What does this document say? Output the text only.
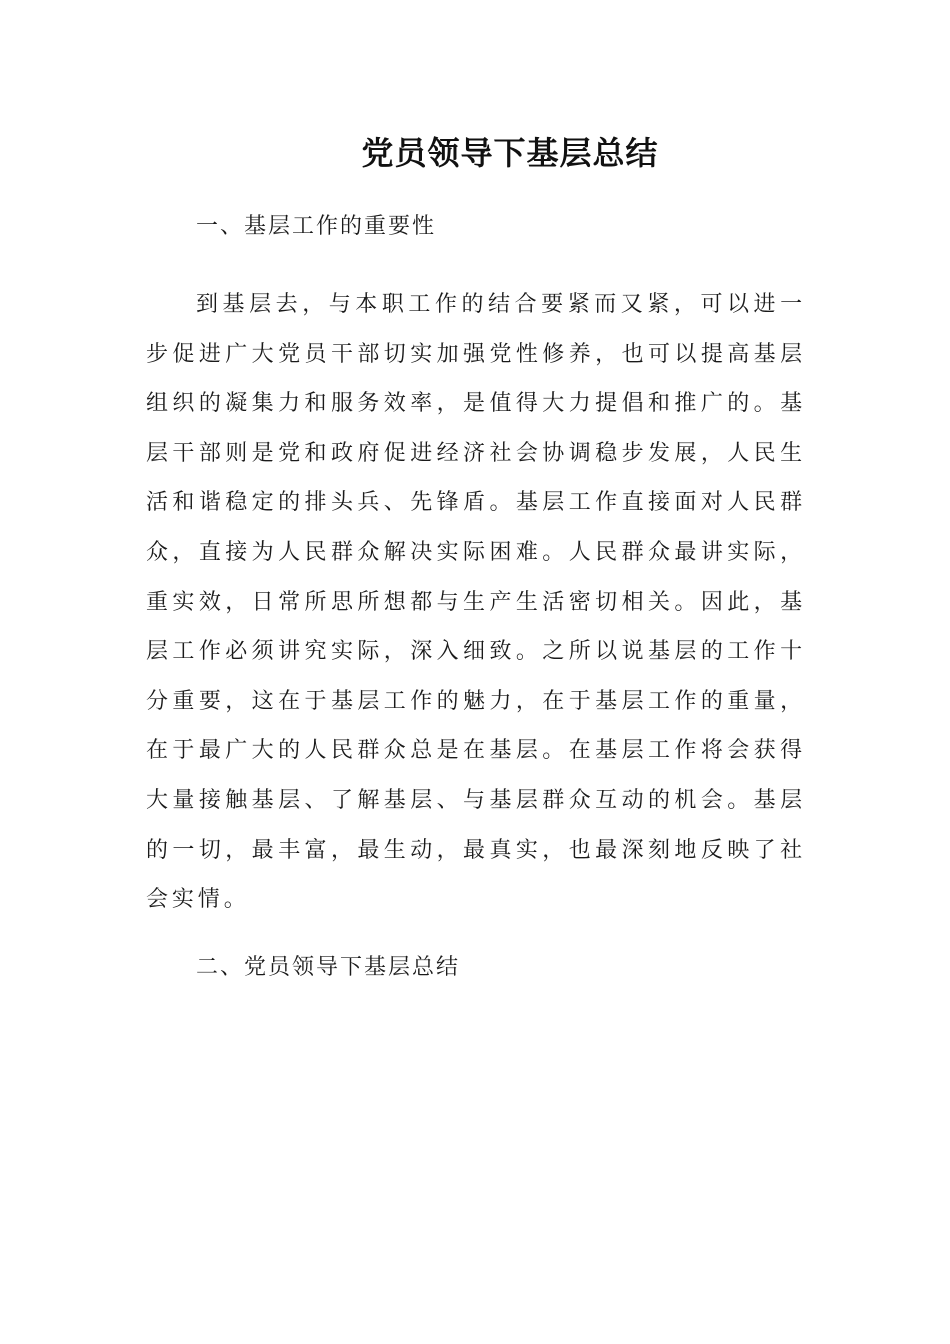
党员领导下基层总结
一、基层工作的重要性

到基层去，与本职工作的结合要紧而又紧，可以进一步促进广大党员干部切实加强党性修养，也可以提高基层组织的凝集力和服务效率，是值得大力提倡和推广的。基层干部则是党和政府促进经济社会协调稳步发展，人民生活和谐稳定的排头兵、先锋盾。基层工作直接面对人民群众，直接为人民群众解决实际困难。人民群众最讲实际，重实效，日常所思所想都与生产生活密切相关。因此，基层工作必须讲究实际，深入细致。之所以说基层的工作十分重要，这在于基层工作的魅力，在于基层工作的重量，在于最广大的人民群众总是在基层。在基层工作将会获得大量接触基层、了解基层、与基层群众互动的机会。基层的一切，最丰富，最生动，最真实，也最深刻地反映了社会实情。

二、党员领导下基层总结
